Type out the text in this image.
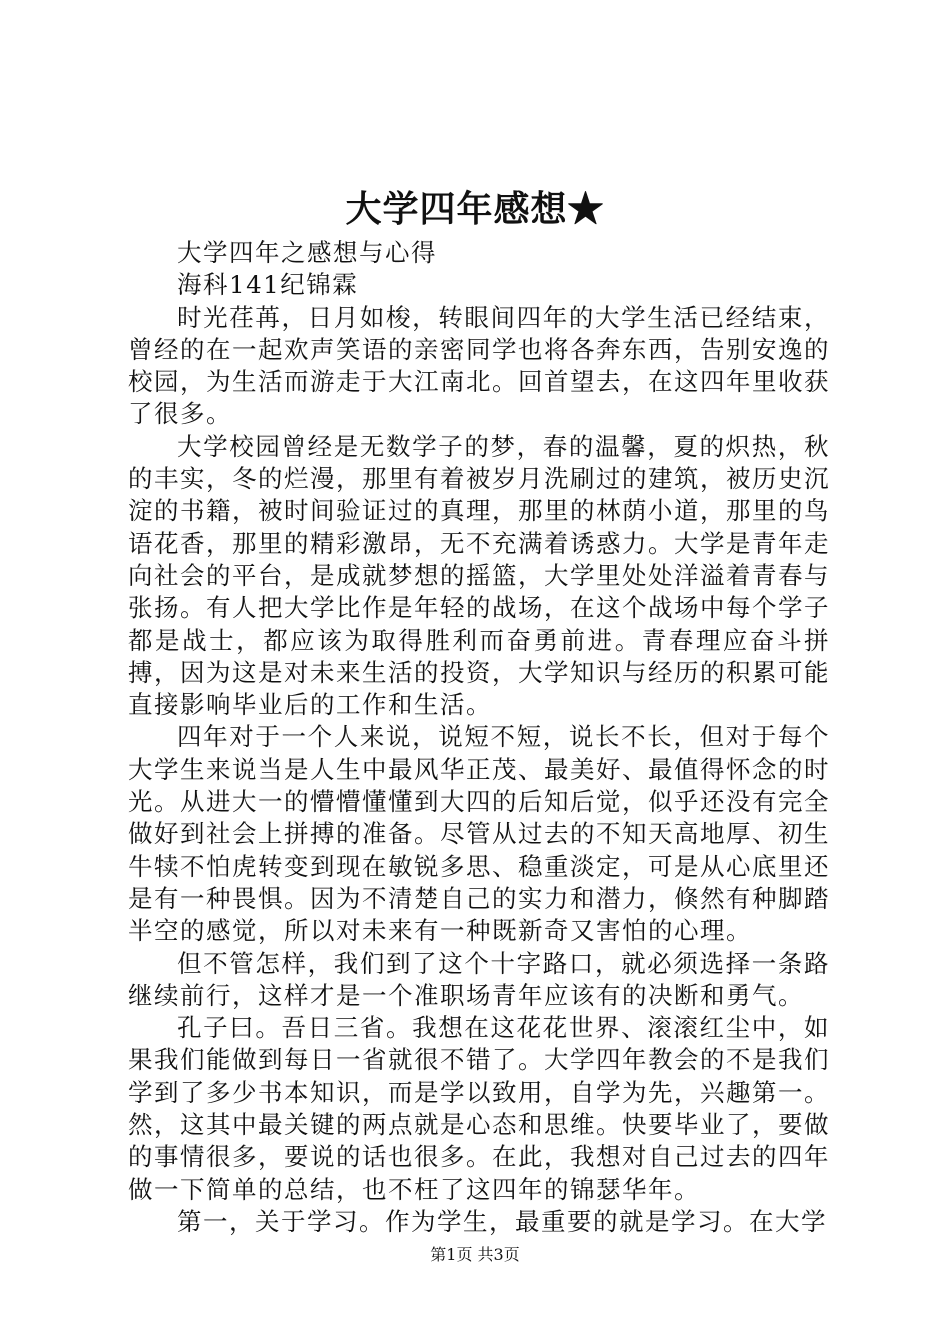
大学四年感想★

大学四年之感想与心得

海科141纪锦霖

时光荏苒，日月如梭，转眼间四年的大学生活已经结束，曾经的在一起欢声笑语的亲密同学也将各奔东西，告别安逸的校园，为生活而游走于大江南北。回首望去，在这四年里收获了很多。

大学校园曾经是无数学子的梦，春的温馨，夏的炽热，秋的丰实，冬的烂漫，那里有着被岁月洗刷过的建筑，被历史沉淀的书籍，被时间验证过的真理，那里的林荫小道，那里的鸟语花香，那里的精彩激昂，无不充满着诱惑力。大学是青年走向社会的平台，是成就梦想的摇篮，大学里处处洋溢着青春与张扬。有人把大学比作是年轻的战场，在这个战场中每个学子都是战士，都应该为取得胜利而奋勇前进。青春理应奋斗拼搏，因为这是对未来生活的投资，大学知识与经历的积累可能直接影响毕业后的工作和生活。

四年对于一个人来说，说短不短，说长不长，但对于每个大学生来说当是人生中最风华正茂、最美好、最值得怀念的时光。从进大一的懵懵懂懂到大四的后知后觉，似乎还没有完全做好到社会上拼搏的准备。尽管从过去的不知天高地厚、初生牛犊不怕虎转变到现在敏锐多思、稳重淡定，可是从心底里还是有一种畏惧。因为不清楚自己的实力和潜力，倏然有种脚踏半空的感觉，所以对未来有一种既新奇又害怕的心理。

但不管怎样，我们到了这个十字路口，就必须选择一条路继续前行，这样才是一个准职场青年应该有的决断和勇气。

孔子曰。吾日三省。我想在这花花世界、滚滚红尘中，如果我们能做到每日一省就很不错了。大学四年教会的不是我们学到了多少书本知识，而是学以致用，自学为先，兴趣第一。然，这其中最关键的两点就是心态和思维。快要毕业了，要做的事情很多，要说的话也很多。在此，我想对自己过去的四年做一下简单的总结，也不枉了这四年的锦瑟华年。

第一，关于学习。作为学生，最重要的就是学习。在大学

第1页 共3页
